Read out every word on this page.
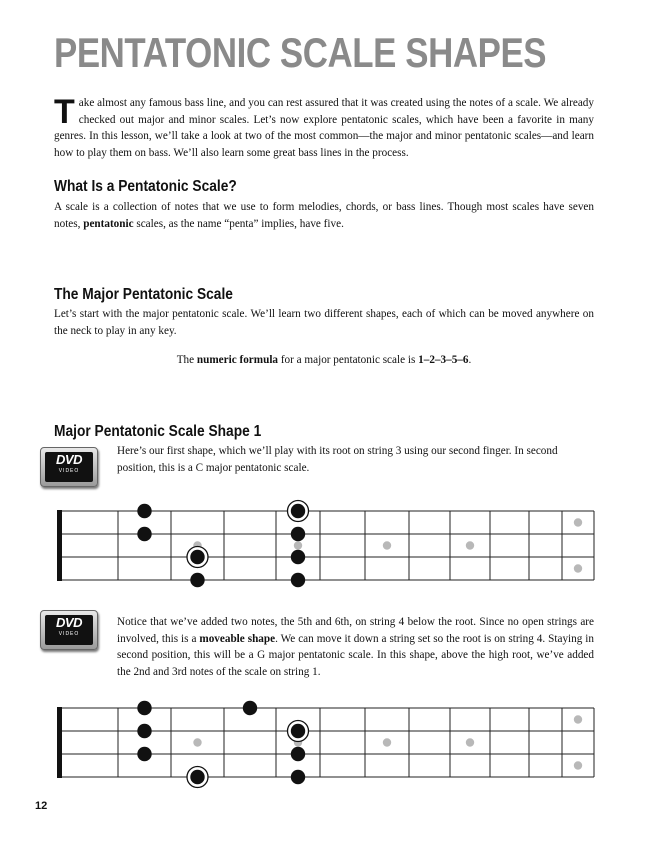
PENTATONIC SCALE SHAPES

Take almost any famous bass line, and you can rest assured that it was created using the notes of a scale. We already checked out major and minor scales. Let’s now explore pentatonic scales, which have been a favorite in many genres. In this lesson, we’ll take a look at two of the most common—the major and minor pentatonic scales—and learn how to play them on bass. We’ll also learn some great bass lines in the process.

What Is a Pentatonic Scale?

A scale is a collection of notes that we use to form melodies, chords, or bass lines. Though most scales have seven notes, pentatonic scales, as the name “penta” implies, have five.

The Major Pentatonic Scale

Let’s start with the major pentatonic scale. We’ll learn two different shapes, each of which can be moved anywhere on the neck to play in any key.

The numeric formula for a major pentatonic scale is 1–2–3–5–6.
Major Pentatonic Scale Shape 1
DVD
VIDEO

Here’s our first shape, which we’ll play with its root on string 3 using our second finger. In second position, this is a C major pentatonic scale.

DVD
VIDEO

Notice that we’ve added two notes, the 5th and 6th, on string 4 below the root. Since no open strings are involved, this is a moveable shape. We can move it down a string set so the root is on string 4. Staying in second position, this will be a G major pentatonic scale. In this shape, above the high root, we’ve added the 2nd and 3rd notes of the scale on string 1.

12
